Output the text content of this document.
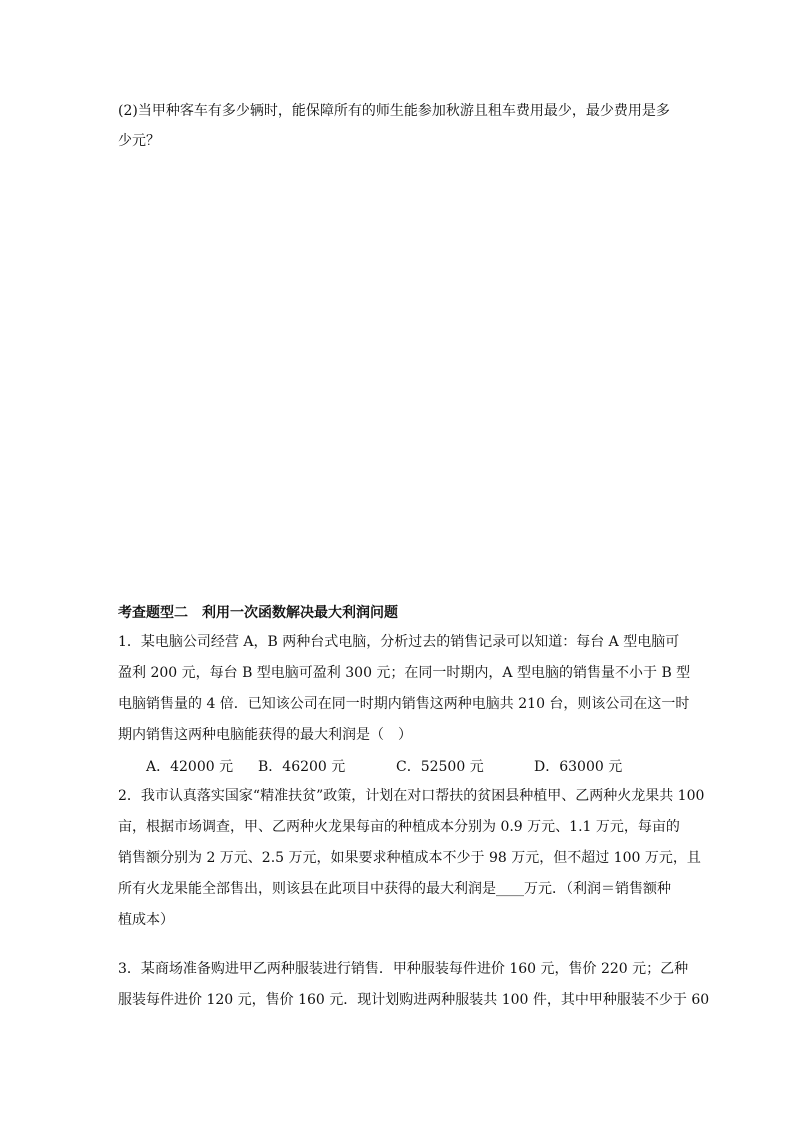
(2)当甲种客车有多少辆时，能保障所有的师生能参加秋游且租车费用最少，最少费用是多
少元？
考查题型二　利用一次函数解决最大利润问题
1．某电脑公司经营 A，B 两种台式电脑，分析过去的销售记录可以知道：每台 A 型电脑可
盈利 200 元，每台 B 型电脑可盈利 300 元；在同一时期内，A 型电脑的销售量不小于 B 型
电脑销售量的 4 倍．已知该公司在同一时期内销售这两种电脑共 210 台，则该公司在这一时
期内销售这两种电脑能获得的最大利润是（　）
A．42000 元 B．46200 元	C．52500 元	D．63000 元
2．我市认真落实国家“精准扶贫”政策，计划在对口帮扶的贫困县种植甲、乙两种火龙果共 100
亩，根据市场调查，甲、乙两种火龙果每亩的种植成本分别为 0.9 万元、1.1 万元，每亩的
销售额分别为 2 万元、2.5 万元，如果要求种植成本不少于 98 万元，但不超过 100 万元，且
所有火龙果能全部售出，则该县在此项目中获得的最大利润是____万元．（利润＝销售额种
植成本）
3．某商场准备购进甲乙两种服装进行销售．甲种服装每件进价 160 元，售价 220 元；乙种
服装每件进价 120 元，售价 160 元．现计划购进两种服装共 100 件，其中甲种服装不少于 60
